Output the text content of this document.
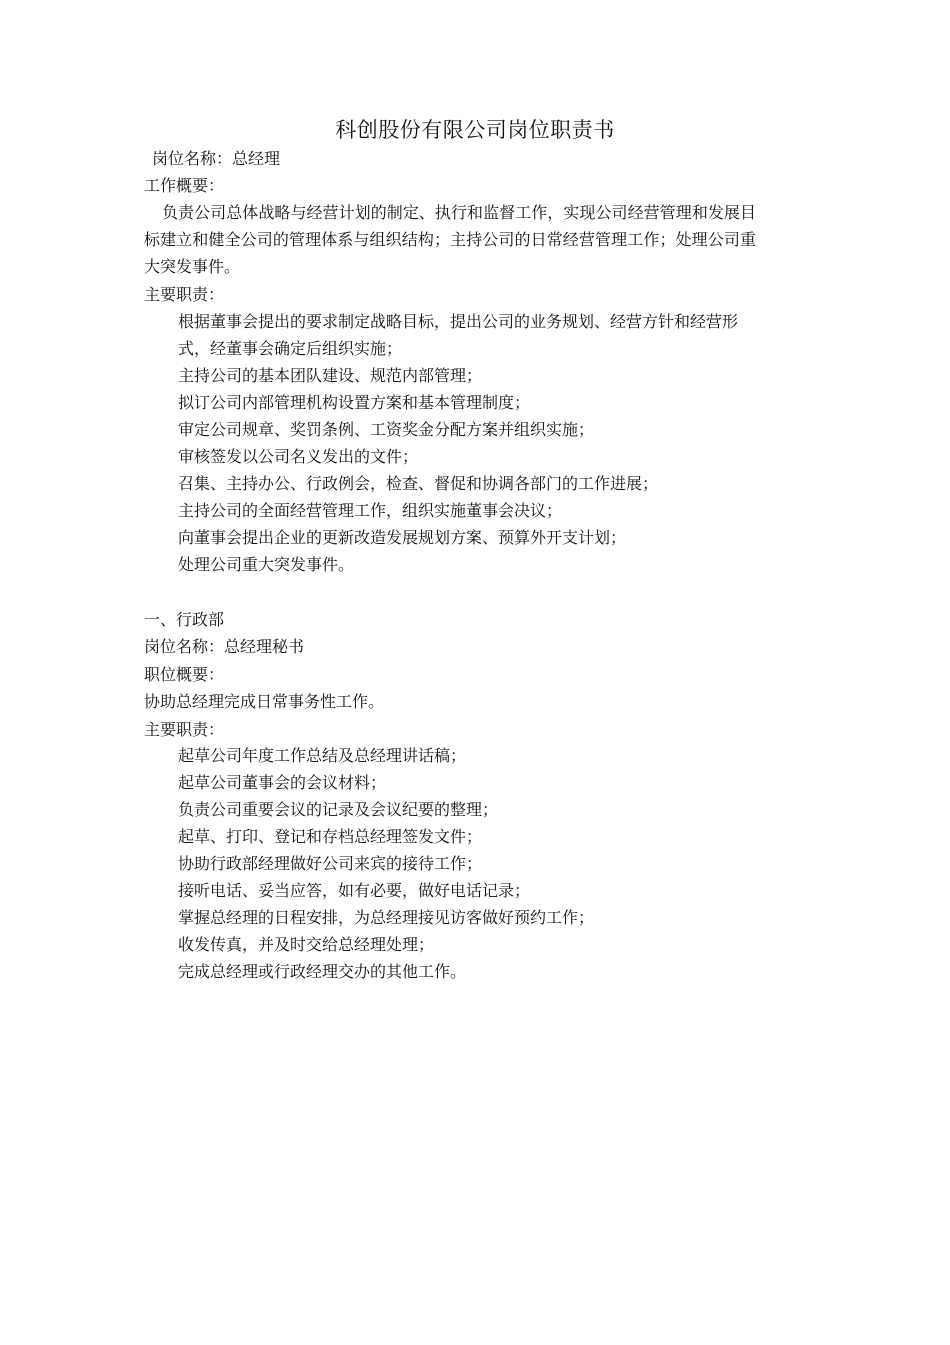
科创股份有限公司岗位职责书
岗位名称：总经理
工作概要：
负责公司总体战略与经营计划的制定、执行和监督工作，实现公司经营管理和发展目标建立和健全公司的管理体系与组织结构；主持公司的日常经营管理工作；处理公司重大突发事件。
主要职责：
根据董事会提出的要求制定战略目标，提出公司的业务规划、经营方针和经营形式，经董事会确定后组织实施；
主持公司的基本团队建设、规范内部管理；
拟订公司内部管理机构设置方案和基本管理制度；
审定公司规章、奖罚条例、工资奖金分配方案并组织实施；
审核签发以公司名义发出的文件；
召集、主持办公、行政例会，检查、督促和协调各部门的工作进展；
主持公司的全面经营管理工作，组织实施董事会决议；
向董事会提出企业的更新改造发展规划方案、预算外开支计划；
处理公司重大突发事件。
一、行政部
岗位名称：总经理秘书
职位概要：
协助总经理完成日常事务性工作。
主要职责：
起草公司年度工作总结及总经理讲话稿；
起草公司董事会的会议材料；
负责公司重要会议的记录及会议纪要的整理；
起草、打印、登记和存档总经理签发文件；
协助行政部经理做好公司来宾的接待工作；
接听电话、妥当应答，如有必要，做好电话记录；
掌握总经理的日程安排，为总经理接见访客做好预约工作；
收发传真，并及时交给总经理处理；
完成总经理或行政经理交办的其他工作。
